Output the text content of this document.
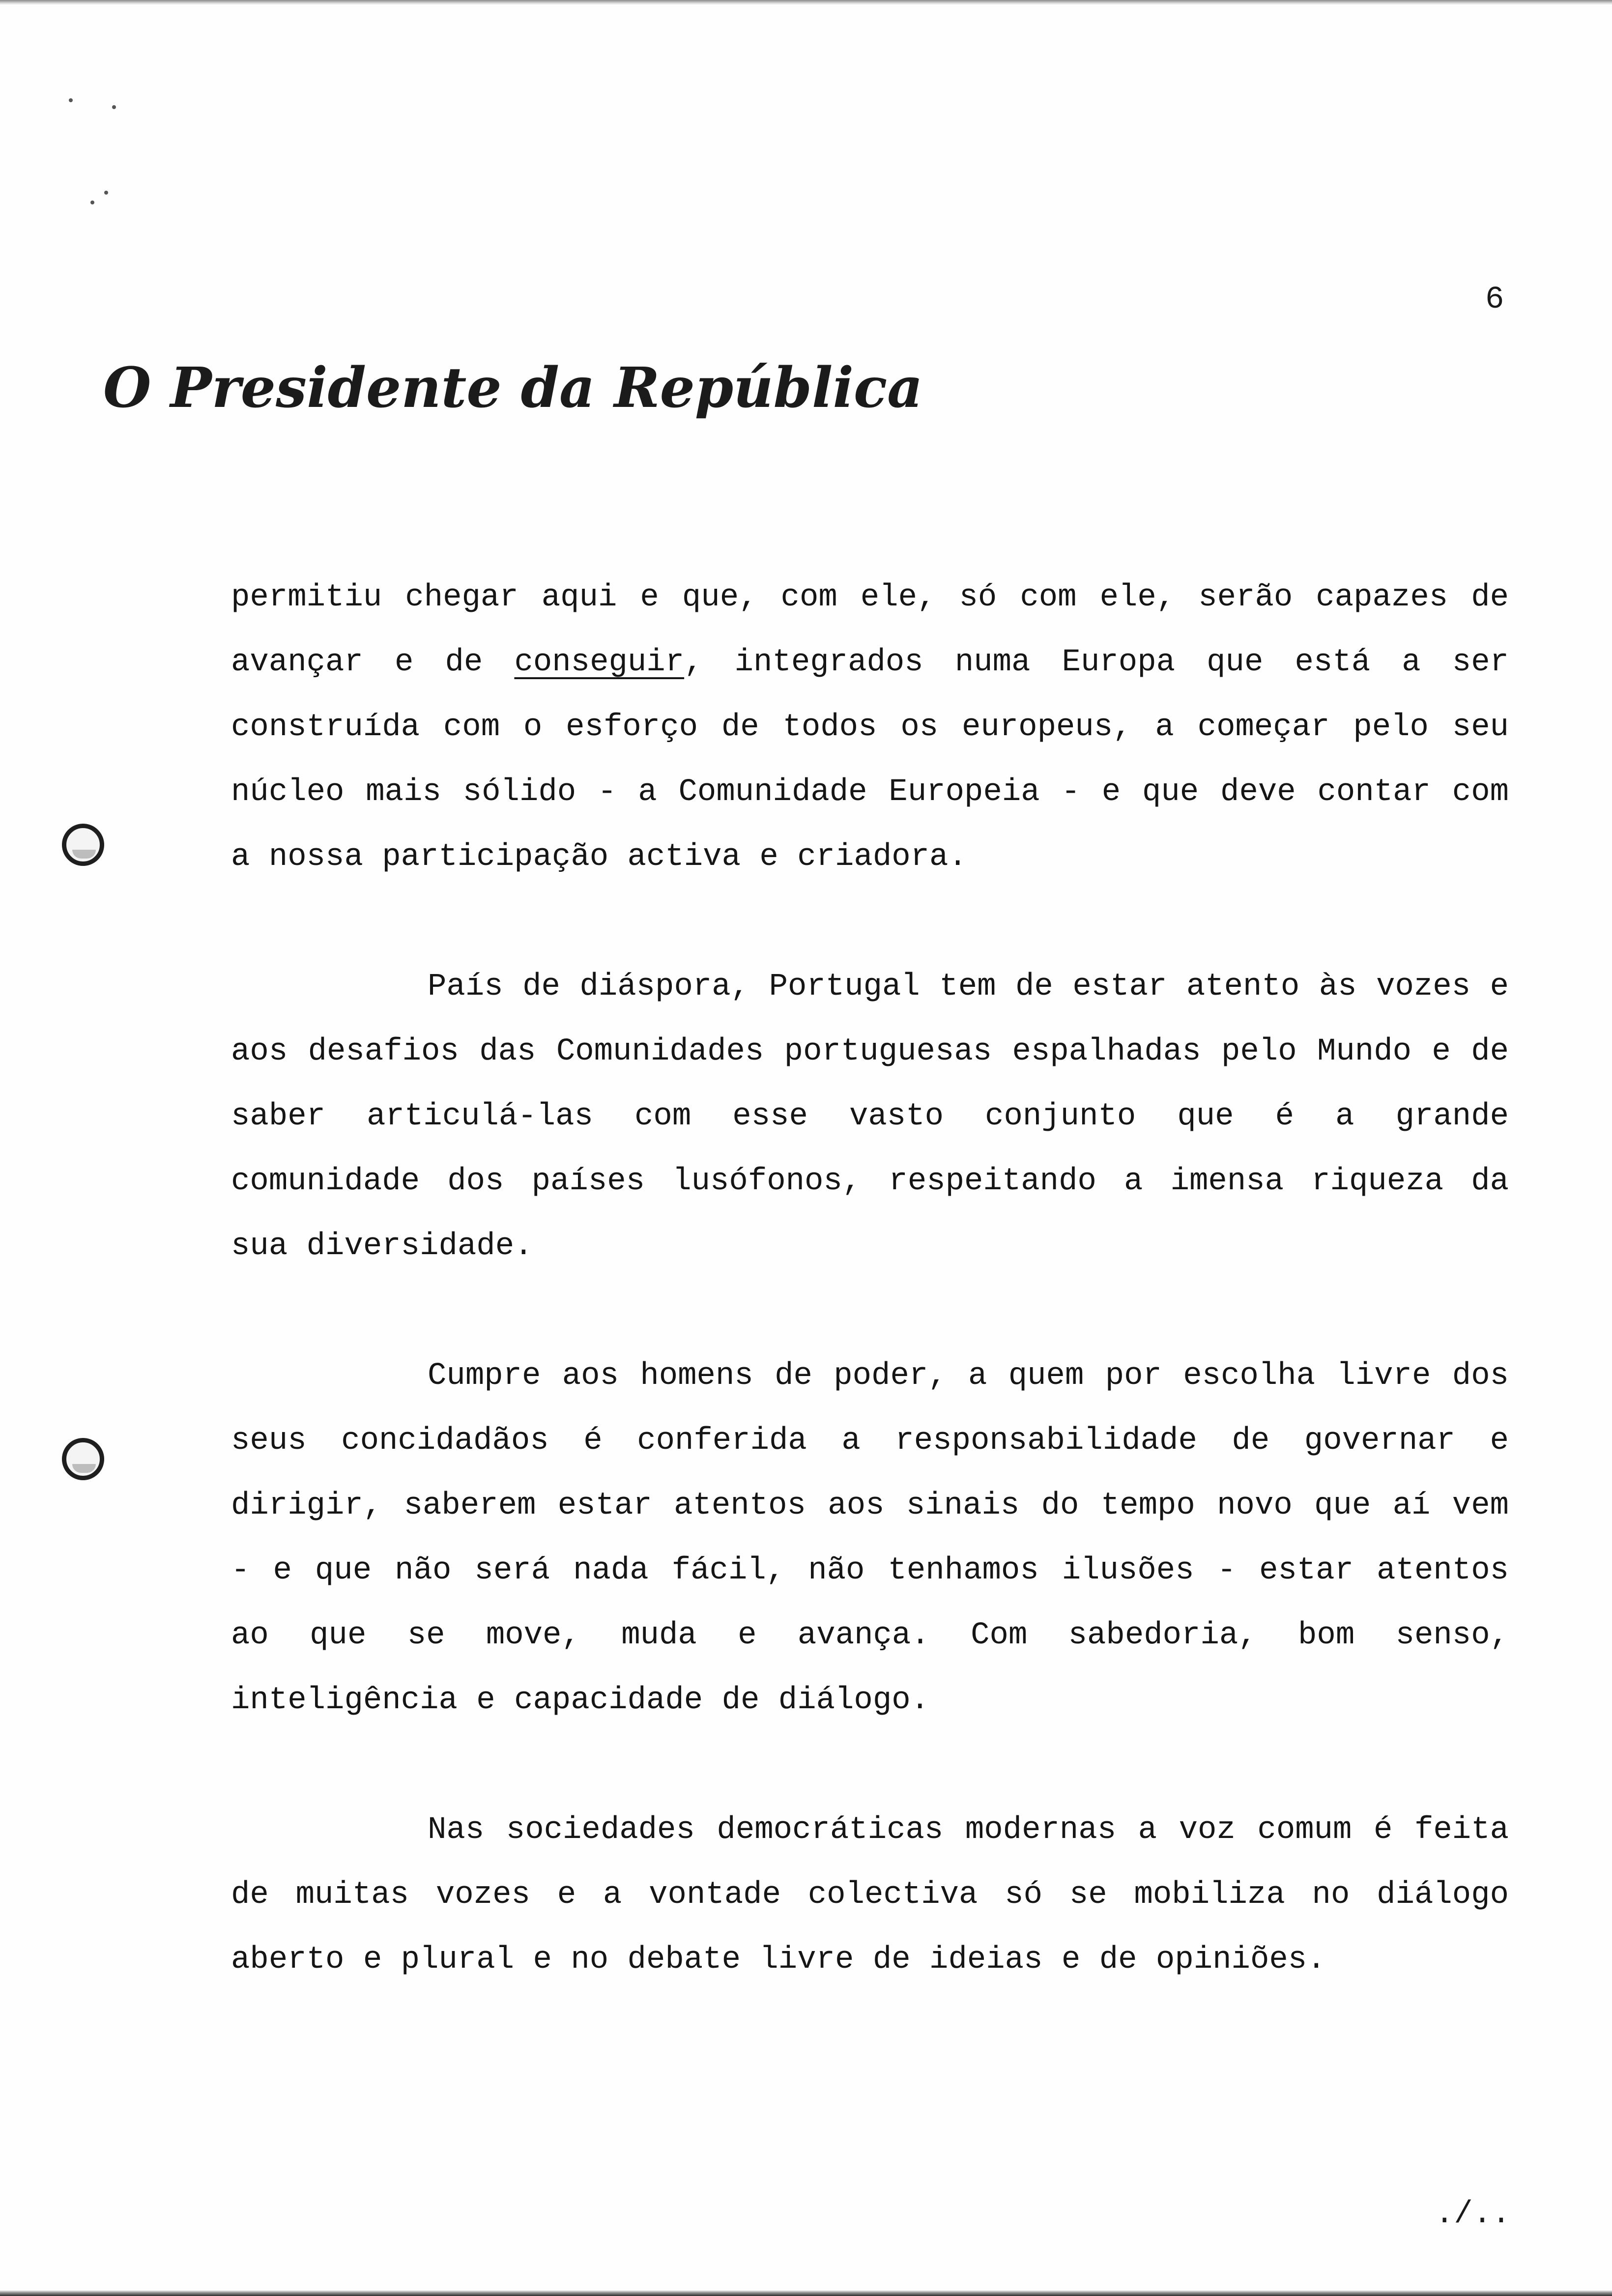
6
O Presidente da República

permitiu chegar aqui e que, com ele, só com ele, serão capazes de avançar e de conseguir, integrados numa Europa que está a ser construída com o esforço de todos os europeus, a começar pelo seu núcleo mais sólido - a Comunidade Europeia - e que deve contar com a nossa participação activa e criadora.

País de diáspora, Portugal tem de estar atento às vozes e aos desafios das Comunidades portuguesas espalhadas pelo Mundo e de saber articulá-las com esse vasto conjunto que é a grande comunidade dos países lusófonos, respeitando a imensa riqueza da sua diversidade.

Cumpre aos homens de poder, a quem por escolha livre dos seus concidadãos é conferida a responsabilidade de governar e dirigir, saberem estar atentos aos sinais do tempo novo que aí vem - e que não será nada fácil, não tenhamos ilusões - estar atentos ao que se move, muda e avança. Com sabedoria, bom senso, inteligência e capacidade de diálogo.

Nas sociedades democráticas modernas a voz comum é feita de muitas vozes e a vontade colectiva só se mobiliza no diálogo aberto e plural e no debate livre de ideias e de opiniões.

./..
